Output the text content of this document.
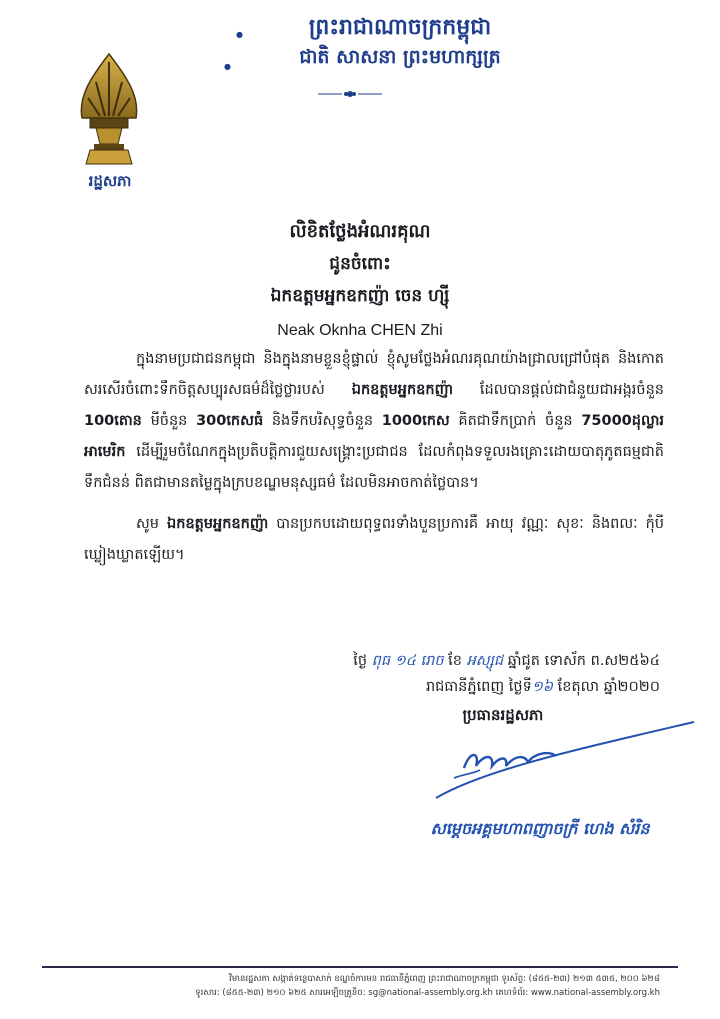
ព្រះរាជាណាចក្រកម្ពុជា
ជាតិ សាសនា ព្រះមហាក្សត្រ
●
●
រដ្ឋសភា
លិខិតថ្លែងអំណរគុណ
ជូនចំពោះ
ឯកឧត្តមអ្នកឧកញ៉ា ចេន ហ្ស៊ី
Neak Oknha CHEN Zhi

ក្នុងនាមប្រជាជនកម្ពុជា និងក្នុងនាមខ្លួនខ្ញុំផ្ទាល់ ខ្ញុំសូមថ្លែងអំណរគុណយ៉ាងជ្រាលជ្រៅបំផុត និងកោតសរសើរចំពោះទឹកចិត្តសប្បុរសធម៌ដ៏ថ្លៃថ្លារបស់ ឯកឧត្តមអ្នកឧកញ៉ា ដែលបានផ្ដល់ជាជំនួយជាអង្ករចំនួន 100តោន មីចំនួន 300កេសធំ និងទឹកបរិសុទ្ធចំនួន 1000កេស គិតជាទឹកប្រាក់ ចំនួន 75000ដុល្លារអាមេរិក ដើម្បីរួមចំណែកក្នុងប្រតិបត្តិការជួយសង្គ្រោះប្រជាជន ដែលកំពុងទទួលរងគ្រោះដោយបាតុភូតធម្មជាតិទឹកជំនន់ ពិតជាមានតម្លៃក្នុងក្របខណ្ឌមនុស្សធម៌ ដែលមិនអាចកាត់ថ្លៃបាន។

សូម ឯកឧត្តមអ្នកឧកញ៉ា បានប្រកបដោយពុទ្ធពរទាំងបួនប្រការគឺ អាយុ វណ្ណៈ សុខៈ និងពលៈ កុំបីឃ្លៀងឃ្លាតឡើយ។

ថ្ងៃ ពុធ ១៤ រោច ខែ អស្សុជ ឆ្នាំជូត ទោស័ក ព.ស២៥៦៤
រាជធានីភ្នំពេញ ថ្ងៃទី១៦ ខែតុលា ឆ្នាំ២០២០
ប្រធានរដ្ឋសភា
សម្តេចអគ្គមហាពញាចក្រី ហេង សំរិន
វិមានរដ្ឋសភា សង្កាត់ទន្លេបាសាក់ ខណ្ឌចំការមន រាជធានីភ្នំពេញ ព្រះរាជាណាចក្រកម្ពុជា ទូរស័ព្ទ: (៨៥៥-២៣) ២១៣ ៥៣៥, ២០០ ៦២៨
ទូរសារ: (៨៥៥-២៣) ២១០ ៦២៥ សារអេឡិចត្រូនិច: sg@national-assembly.org.kh គេហទំព័រ: www.national-assembly.org.kh
